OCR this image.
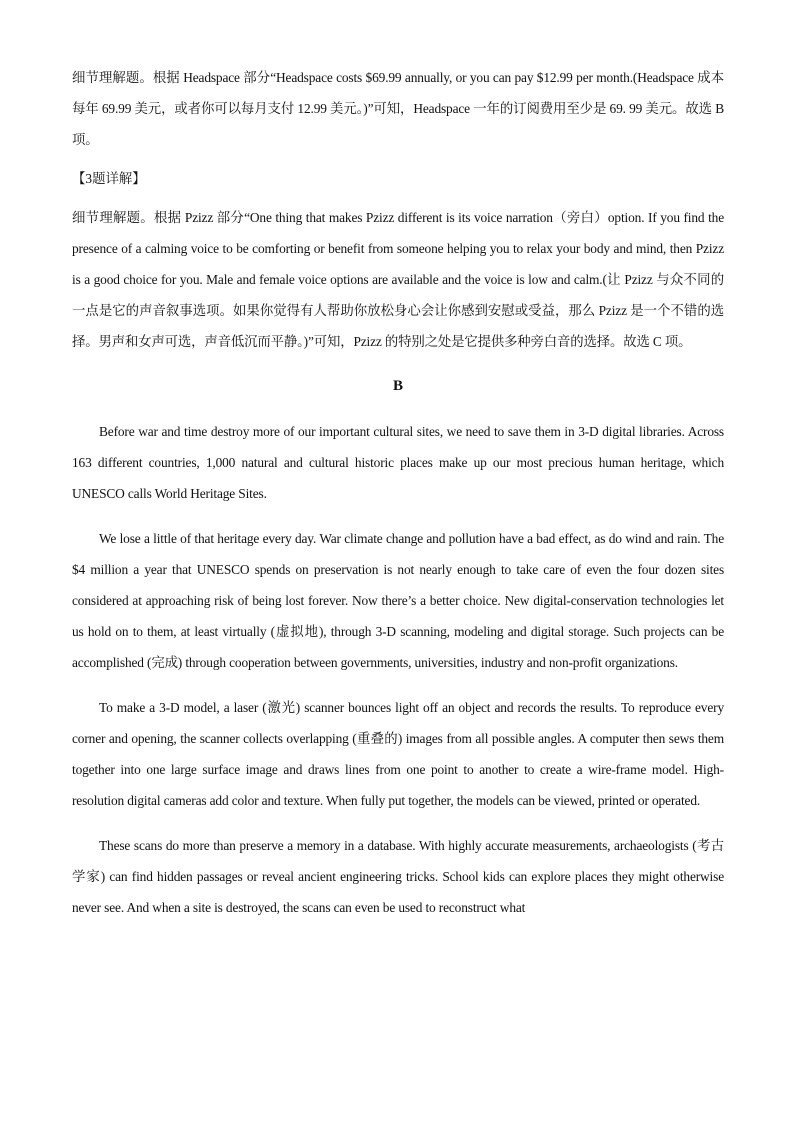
细节理解题。根据 Headspace 部分“Headspace costs $69.99 annually, or you can pay $12.99 per month.(Headspace 成本每年 69.99 美元，或者你可以每月支付 12.99 美元。)”可知，Headspace 一年的订阅费用至少是 69. 99 美元。故选 B 项。

【3题详解】

细节理解题。根据 Pzizz 部分“One thing that makes Pzizz different is its voice narration（旁白）option. If you find the presence of a calming voice to be comforting or benefit from someone helping you to relax your body and mind, then Pzizz is a good choice for you. Male and female voice options are available and the voice is low and calm.(让 Pzizz 与众不同的一点是它的声音叙事选项。如果你觉得有人帮助你放松身心会让你感到安慰或受益，那么 Pzizz 是一个不错的选择。男声和女声可选，声音低沉而平静。)”可知，Pzizz 的特别之处是它提供多种旁白音的选择。故选 C 项。

B

Before war and time destroy more of our important cultural sites, we need to save them in 3-D digital libraries. Across 163 different countries, 1,000 natural and cultural historic places make up our most precious human heritage, which UNESCO calls World Heritage Sites.

We lose a little of that heritage every day. War climate change and pollution have a bad effect, as do wind and rain. The $4 million a year that UNESCO spends on preservation is not nearly enough to take care of even the four dozen sites considered at approaching risk of being lost forever. Now there’s a better choice. New digital-conservation technologies let us hold on to them, at least virtually (虚拟地), through 3-D scanning, modeling and digital storage. Such projects can be accomplished (完成) through cooperation between governments, universities, industry and non-profit organizations.

To make a 3-D model, a laser (激光) scanner bounces light off an object and records the results. To reproduce every corner and opening, the scanner collects overlapping (重叠的) images from all possible angles. A computer then sews them together into one large surface image and draws lines from one point to another to create a wire-frame model. High-resolution digital cameras add color and texture. When fully put together, the models can be viewed, printed or operated.

These scans do more than preserve a memory in a database. With highly accurate measurements, archaeologists (考古学家) can find hidden passages or reveal ancient engineering tricks. School kids can explore places they might otherwise never see. And when a site is destroyed, the scans can even be used to reconstruct what
